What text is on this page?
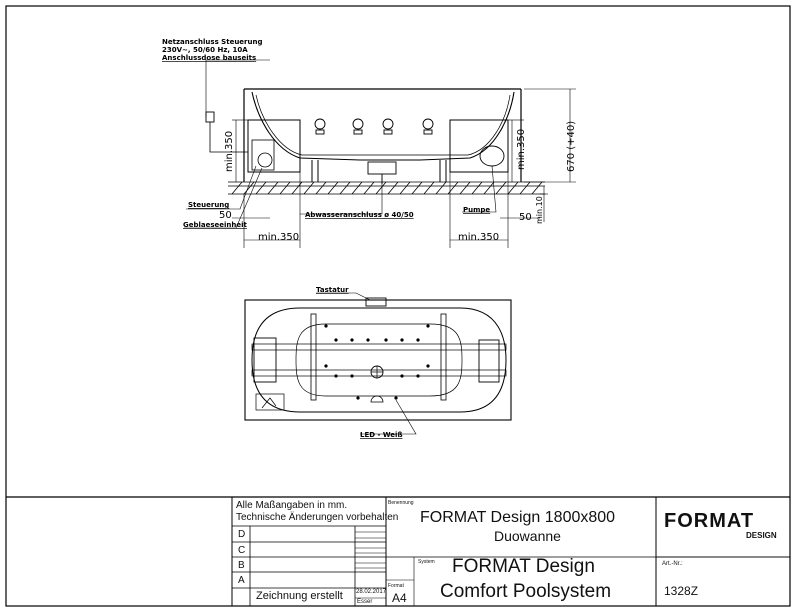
Netzanschluss Steuerung
230V~, 50/60 Hz, 10A
Anschlussdose bauseits
Steuerung
Geblaeseeinheit
Abwasseranschluss ø 40/50
Pumpe
min.350	min.350	670 (+40)
min.10
50	50
min.350	min.350
Tastatur
LED - Weiß
Alle Maßangaben in mm.
Technische Änderungen vorbehalten
D
C
B
A
Zeichnung erstellt 28.02.2017
Esser
Format
A4
Benennung
FORMAT Design 1800x800
Duowanne
System FORMAT Design
Comfort Poolsystem
FORMAT
DESIGN
Art.-Nr.:
1328Z
